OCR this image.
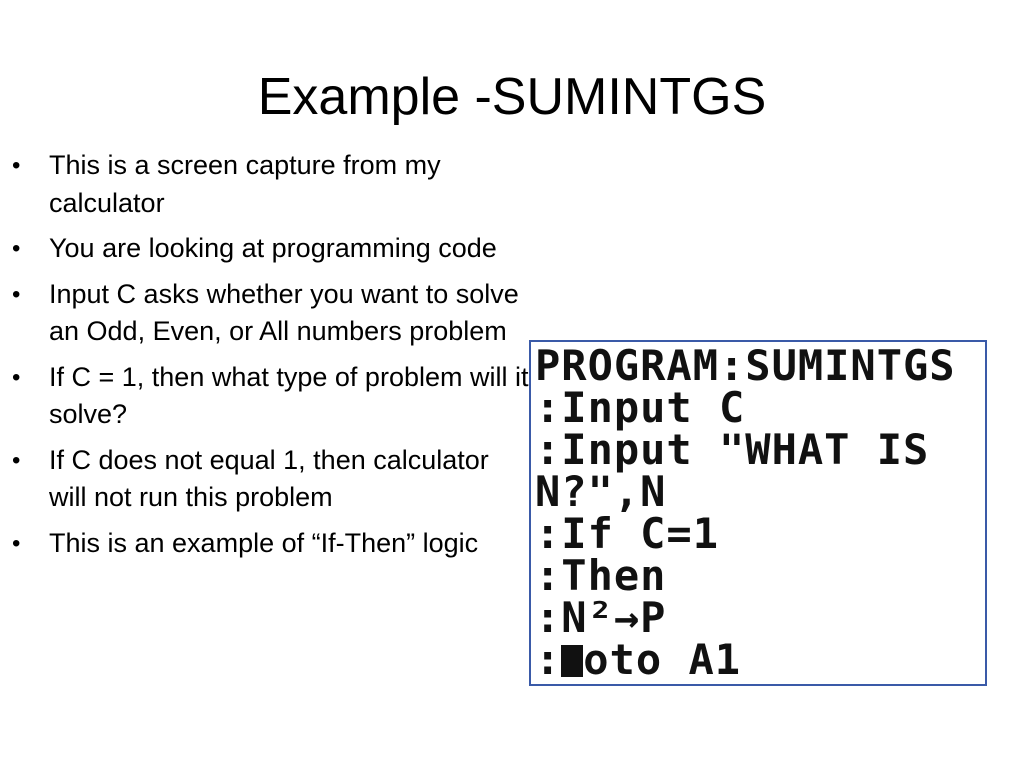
Example -SUMINTGS
•	This is a screen capture from my calculator
•	You are looking at programming code
•	Input C asks whether you want to solve an Odd, Even, or All numbers problem
•	If C = 1, then what type of problem will it solve?
•	If C does not equal 1, then calculator will not run this problem
•	This is an example of “If-Then” logic
PROGRAM:SUMINTGS
:Input C
:Input "WHAT IS
N?",N
:If C=1
:Then
:N²→P
: oto A1
